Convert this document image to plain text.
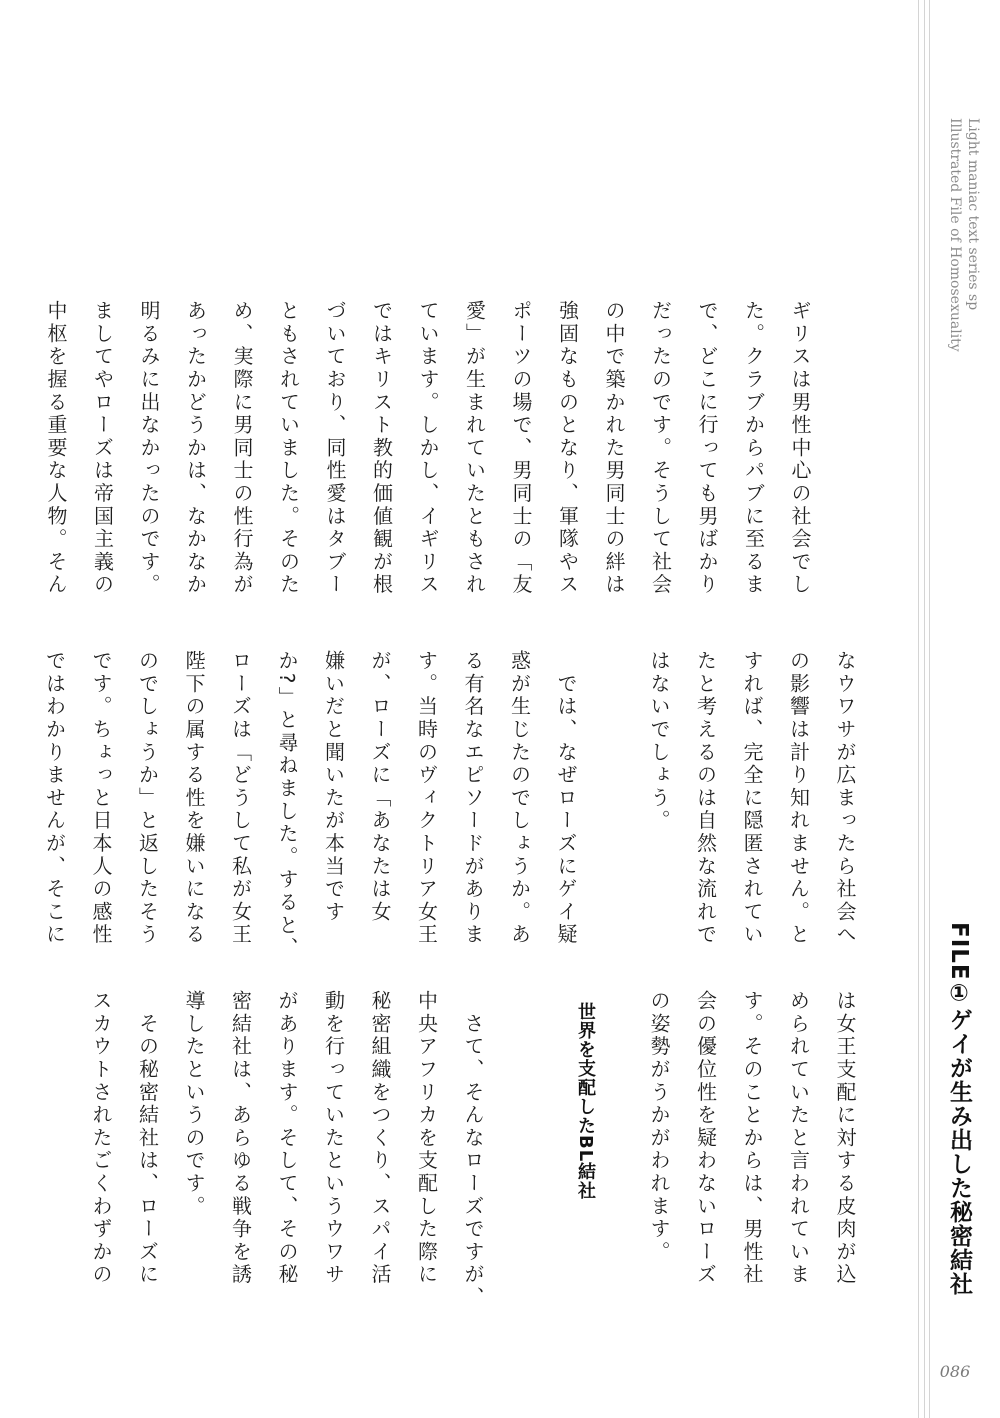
Light maniac text series sp
Illustrated File of Homosexuality
FILE①ゲイが生み出した秘密結社
086

ギリスは男性中心の社会でし
た。クラブからパブに至るま
で、どこに行っても男ばかり
だったのです。そうして社会
の中で築かれた男同士の絆は
強固なものとなり、軍隊やス
ポーツの場で、男同士の「友
愛」が生まれていたともされ
ています。しかし、イギリス
ではキリスト教的価値観が根
づいており、同性愛はタブー
ともされていました。そのた
め、実際に男同士の性行為が
あったかどうかは、なかなか
明るみに出なかったのです。
ましてやローズは帝国主義の
中枢を握る重要な人物。そん

なウワサが広まったら社会へ
の影響は計り知れません。と
すれば、完全に隠匿されてい
たと考えるのは自然な流れで
はないでしょう。

　では、なぜローズにゲイ疑
惑が生じたのでしょうか。あ
る有名なエピソードがありま
す。当時のヴィクトリア女王
が、ローズに「あなたは女
嫌いだと聞いたが本当です
か?」と尋ねました。すると、
ローズは「どうして私が女王
陛下の属する性を嫌いになる
のでしょうか」と返したそう
です。ちょっと日本人の感性
ではわかりませんが、そこに

は女王支配に対する皮肉が込
められていたと言われていま
す。そのことからは、男性社
会の優位性を疑わないローズ
の姿勢がうかがわれます。

　さて、そんなローズですが、
中央アフリカを支配した際に
秘密組織をつくり、スパイ活
動を行っていたというウワサ
があります。そして、その秘
密結社は、あらゆる戦争を誘
導したというのです。
　その秘密結社は、ローズに
スカウトされたごくわずかの	世界を支配したBL結社
